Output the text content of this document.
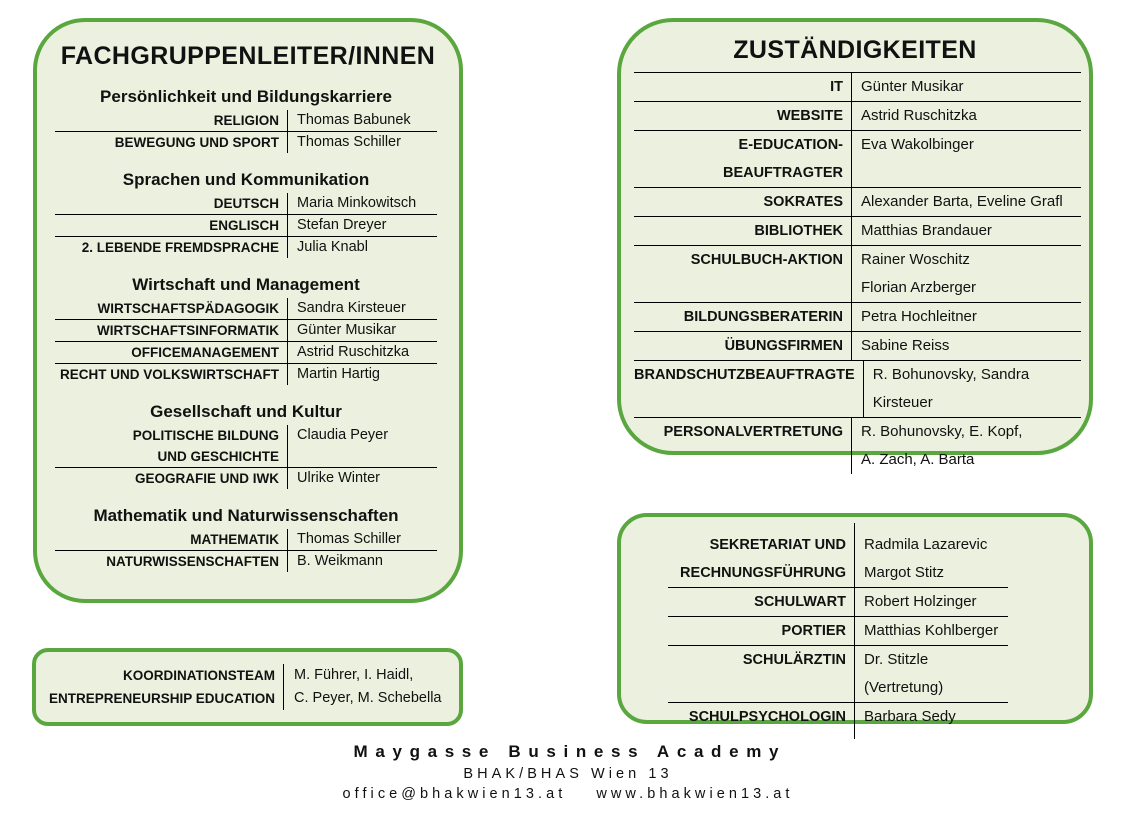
FACHGRUPPENLEITER/INNEN
Persönlichkeit und Bildungskarriere
RELIGION Thomas Babunek
BEWEGUNG UND SPORT Thomas Schiller
Sprachen und Kommunikation
DEUTSCH Maria Minkowitsch
ENGLISCH Stefan Dreyer
2. LEBENDE FREMDSPRACHE Julia Knabl
Wirtschaft und Management
WIRTSCHAFTSPÄDAGOGIK Sandra Kirsteuer
WIRTSCHAFTSINFORMATIK Günter Musikar
OFFICEMANAGEMENT Astrid Ruschitzka
RECHT UND VOLKSWIRTSCHAFT Martin Hartig
Gesellschaft und Kultur
POLITISCHE BILDUNG
UND GESCHICHTE
Claudia Peyer
GEOGRAFIE UND IWK Ulrike Winter
Mathematik und Naturwissenschaften
MATHEMATIK Thomas Schiller
NATURWISSENSCHAFTEN B. Weikmann
KOORDINATIONSTEAM
ENTREPRENEURSHIP EDUCATION
M. Führer, I. Haidl,
C. Peyer, M. Schebella
ZUSTÄNDIGKEITEN
IT Günter Musikar
WEBSITE Astrid Ruschitzka
E-EDUCATION-BEAUFTRAGTER
Eva Wakolbinger
SOKRATES Alexander Barta, Eveline Grafl
BIBLIOTHEK Matthias Brandauer
SCHULBUCH-AKTION Rainer Woschitz
Florian Arzberger
BILDUNGSBERATERIN Petra Hochleitner
ÜBUNGSFIRMEN Sabine Reiss
BRANDSCHUTZBEAUFTRAGTE R. Bohunovsky, Sandra Kirsteuer
PERSONALVERTRETUNG R. Bohunovsky, E. Kopf,
A. Zach, A. Barta
SEKRETARIAT UND
RECHNUNGSFÜHRUNG
Radmila Lazarevic
Margot Stitz
SCHULWART Robert Holzinger
PORTIER Matthias Kohlberger
SCHULÄRZTIN Dr. Stitzle (Vertretung)
SCHULPSYCHOLOGIN Barbara Sedy
Maygasse Business Academy
BHAK/BHAS Wien 13
office@bhakwien13.at www.bhakwien13.at
